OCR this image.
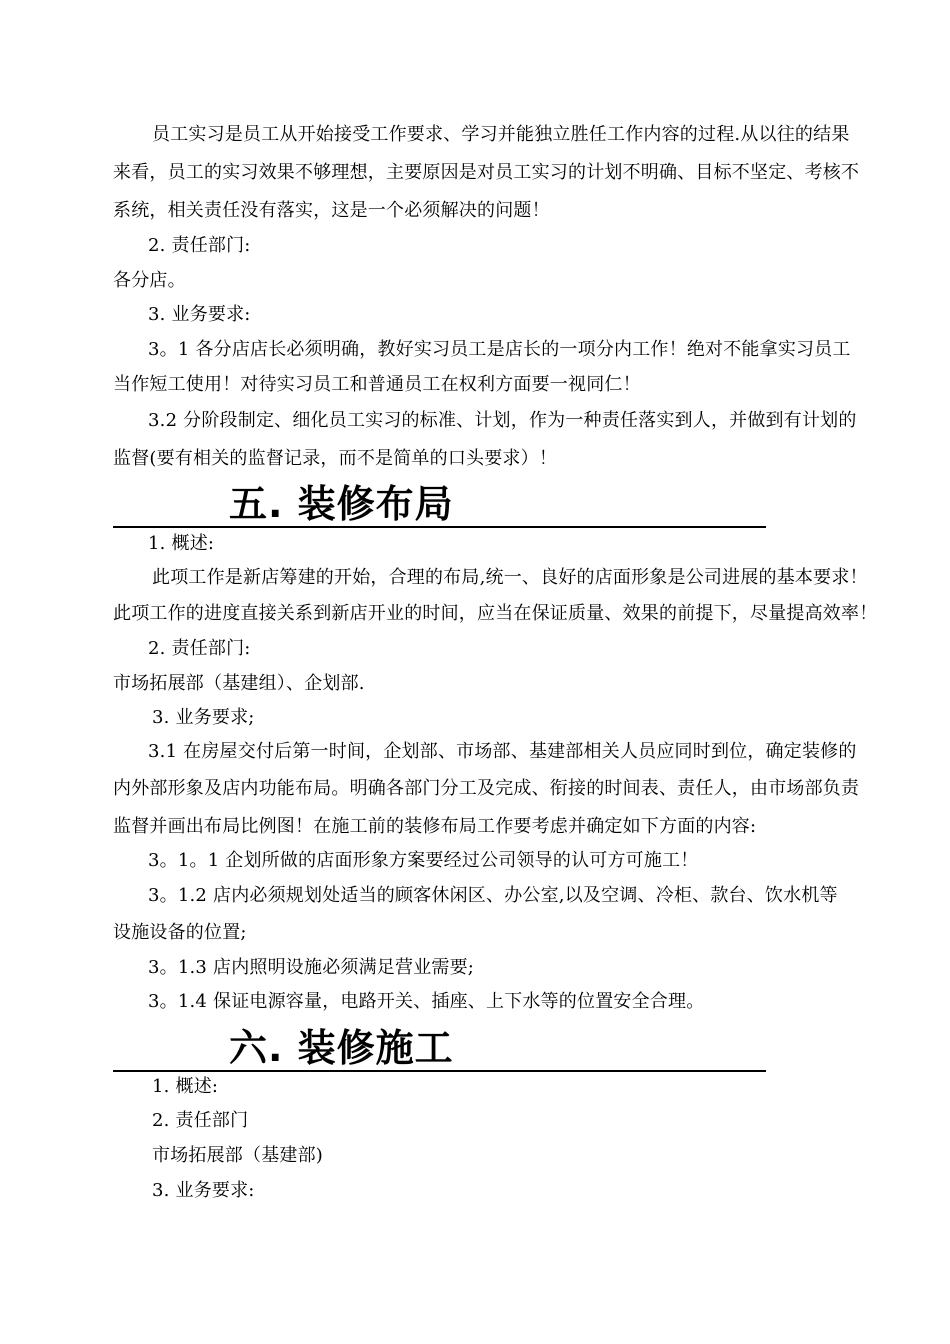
员工实习是员工从开始接受工作要求、学习并能独立胜任工作内容的过程.从以往的结果
来看，员工的实习效果不够理想，主要原因是对员工实习的计划不明确、目标不坚定、考核不
系统，相关责任没有落实，这是一个必须解决的问题！
2. 责任部门:
各分店。
3. 业务要求:
3。1 各分店店长必须明确，教好实习员工是店长的一项分内工作！绝对不能拿实习员工
当作短工使用！对待实习员工和普通员工在权利方面要一视同仁！
3.2 分阶段制定、细化员工实习的标准、计划，作为一种责任落实到人，并做到有计划的
监督(要有相关的监督记录，而不是简单的口头要求）！
五. 装修布局
1. 概述:
此项工作是新店筹建的开始，合理的布局,统一、良好的店面形象是公司进展的基本要求！
此项工作的进度直接关系到新店开业的时间，应当在保证质量、效果的前提下，尽量提高效率！
2. 责任部门:
市场拓展部（基建组）、企划部.
3. 业务要求;
3.1 在房屋交付后第一时间，企划部、市场部、基建部相关人员应同时到位，确定装修的
内外部形象及店内功能布局。明确各部门分工及完成、衔接的时间表、责任人，由市场部负责
监督并画出布局比例图！在施工前的装修布局工作要考虑并确定如下方面的内容:
3。1。1 企划所做的店面形象方案要经过公司领导的认可方可施工！
3。1.2 店内必须规划处适当的顾客休闲区、办公室,以及空调、冷柜、款台、饮水机等
设施设备的位置;
3。1.3 店内照明设施必须满足营业需要;
3。1.4 保证电源容量，电路开关、插座、上下水等的位置安全合理。
六. 装修施工
1. 概述:
2. 责任部门
市场拓展部（基建部)
3. 业务要求:
